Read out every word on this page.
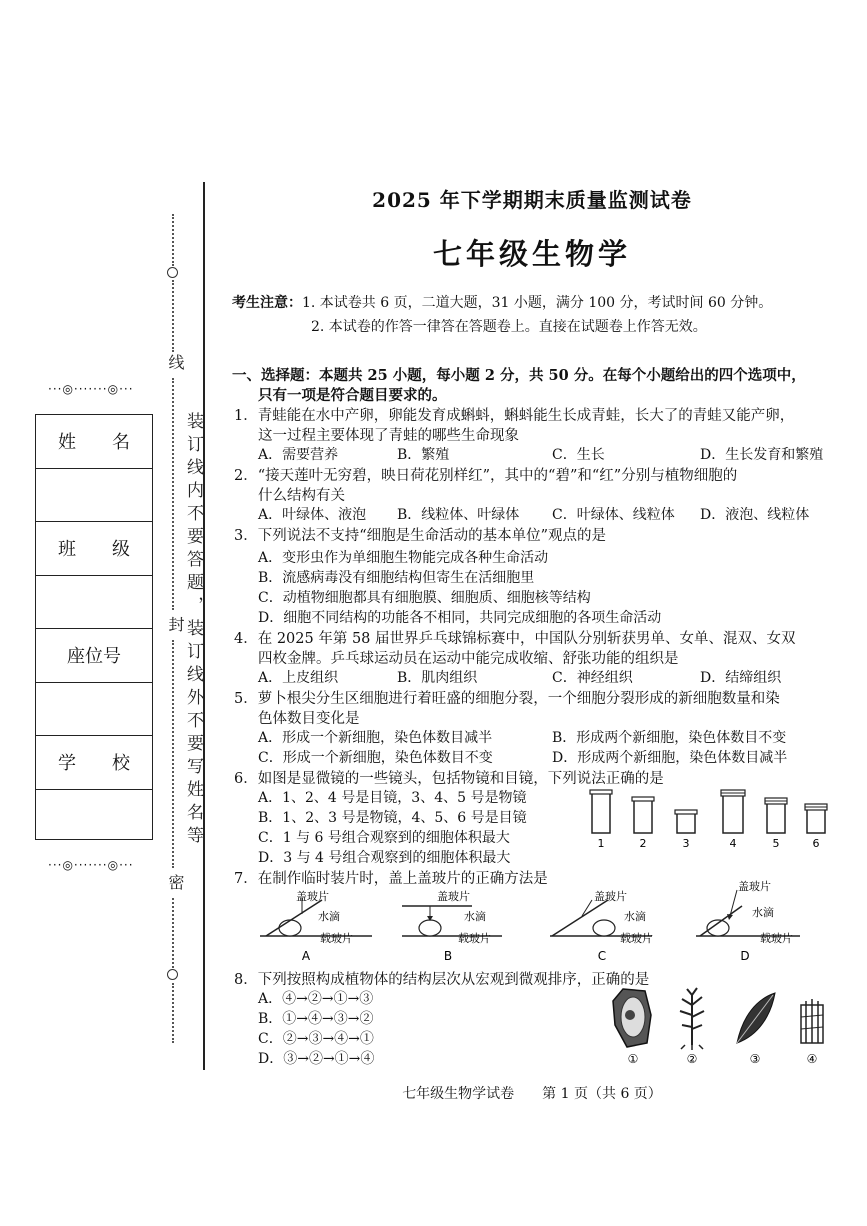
线
封
密
装订线内不要答题，装订线外不要写姓名等
···◎·······◎···
···◎·······◎···
姓　　名
班　　级
座位号
学　　校
2025 年下学期期末质量监测试卷
七年级生物学
考生注意：1. 本试卷共 6 页，二道大题，31 小题，满分 100 分，考试时间 60 分钟。
2. 本试卷的作答一律答在答题卷上。直接在试题卷上作答无效。
一、选择题：本题共 25 小题，每小题 2 分，共 50 分。在每个小题给出的四个选项中，
只有一项是符合题目要求的。
1．青蛙能在水中产卵，卵能发育成蝌蚪，蝌蚪能生长成青蛙，长大了的青蛙又能产卵，
这一过程主要体现了青蛙的哪些生命现象
A．需要营养	B．繁殖	C．生长	D．生长发育和繁殖
2．“接天莲叶无穷碧，映日荷花别样红”，其中的“碧”和“红”分别与植物细胞的
什么结构有关
A．叶绿体、液泡 B．线粒体、叶绿体 C．叶绿体、线粒体 D．液泡、线粒体
3．下列说法不支持“细胞是生命活动的基本单位”观点的是
A．变形虫作为单细胞生物能完成各种生命活动
B．流感病毒没有细胞结构但寄生在活细胞里
C．动植物细胞都具有细胞膜、细胞质、细胞核等结构
D．细胞不同结构的功能各不相同，共同完成细胞的各项生命活动
4．在 2025 年第 58 届世界乒乓球锦标赛中，中国队分别斩获男单、女单、混双、女双
四枚金牌。乒乓球运动员在运动中能完成收缩、舒张功能的组织是
A．上皮组织	B．肌肉组织	C．神经组织	D．结缔组织
5．萝卜根尖分生区细胞进行着旺盛的细胞分裂，一个细胞分裂形成的新细胞数量和染
色体数目变化是
A．形成一个新细胞，染色体数目减半	B．形成两个新细胞，染色体数目不变
C．形成一个新细胞，染色体数目不变	D．形成两个新细胞，染色体数目减半
6．如图是显微镜的一些镜头，包括物镜和目镜，下列说法正确的是
A．1、2、4 号是目镜，3、4、5 号是物镜
B．1、2、3 号是物镜，4、5、6 号是目镜
C．1 与 6 号组合观察到的细胞体积最大
D．3 与 4 号组合观察到的细胞体积最大
1	2	3	4	5	6
7．在制作临时装片时，盖上盖玻片的正确方法是
盖玻片
水滴
载玻片
A
盖玻片
水滴
载玻片
B
盖玻片
水滴
载玻片
C
盖玻片
水滴
载玻片
D
8．下列按照构成植物体的结构层次从宏观到微观排序，正确的是
A．④→②→①→③
B．①→④→③→②
C．②→③→④→①
D．③→②→①→④	①	②	③	④
七年级生物学试卷　　第 1 页（共 6 页）
